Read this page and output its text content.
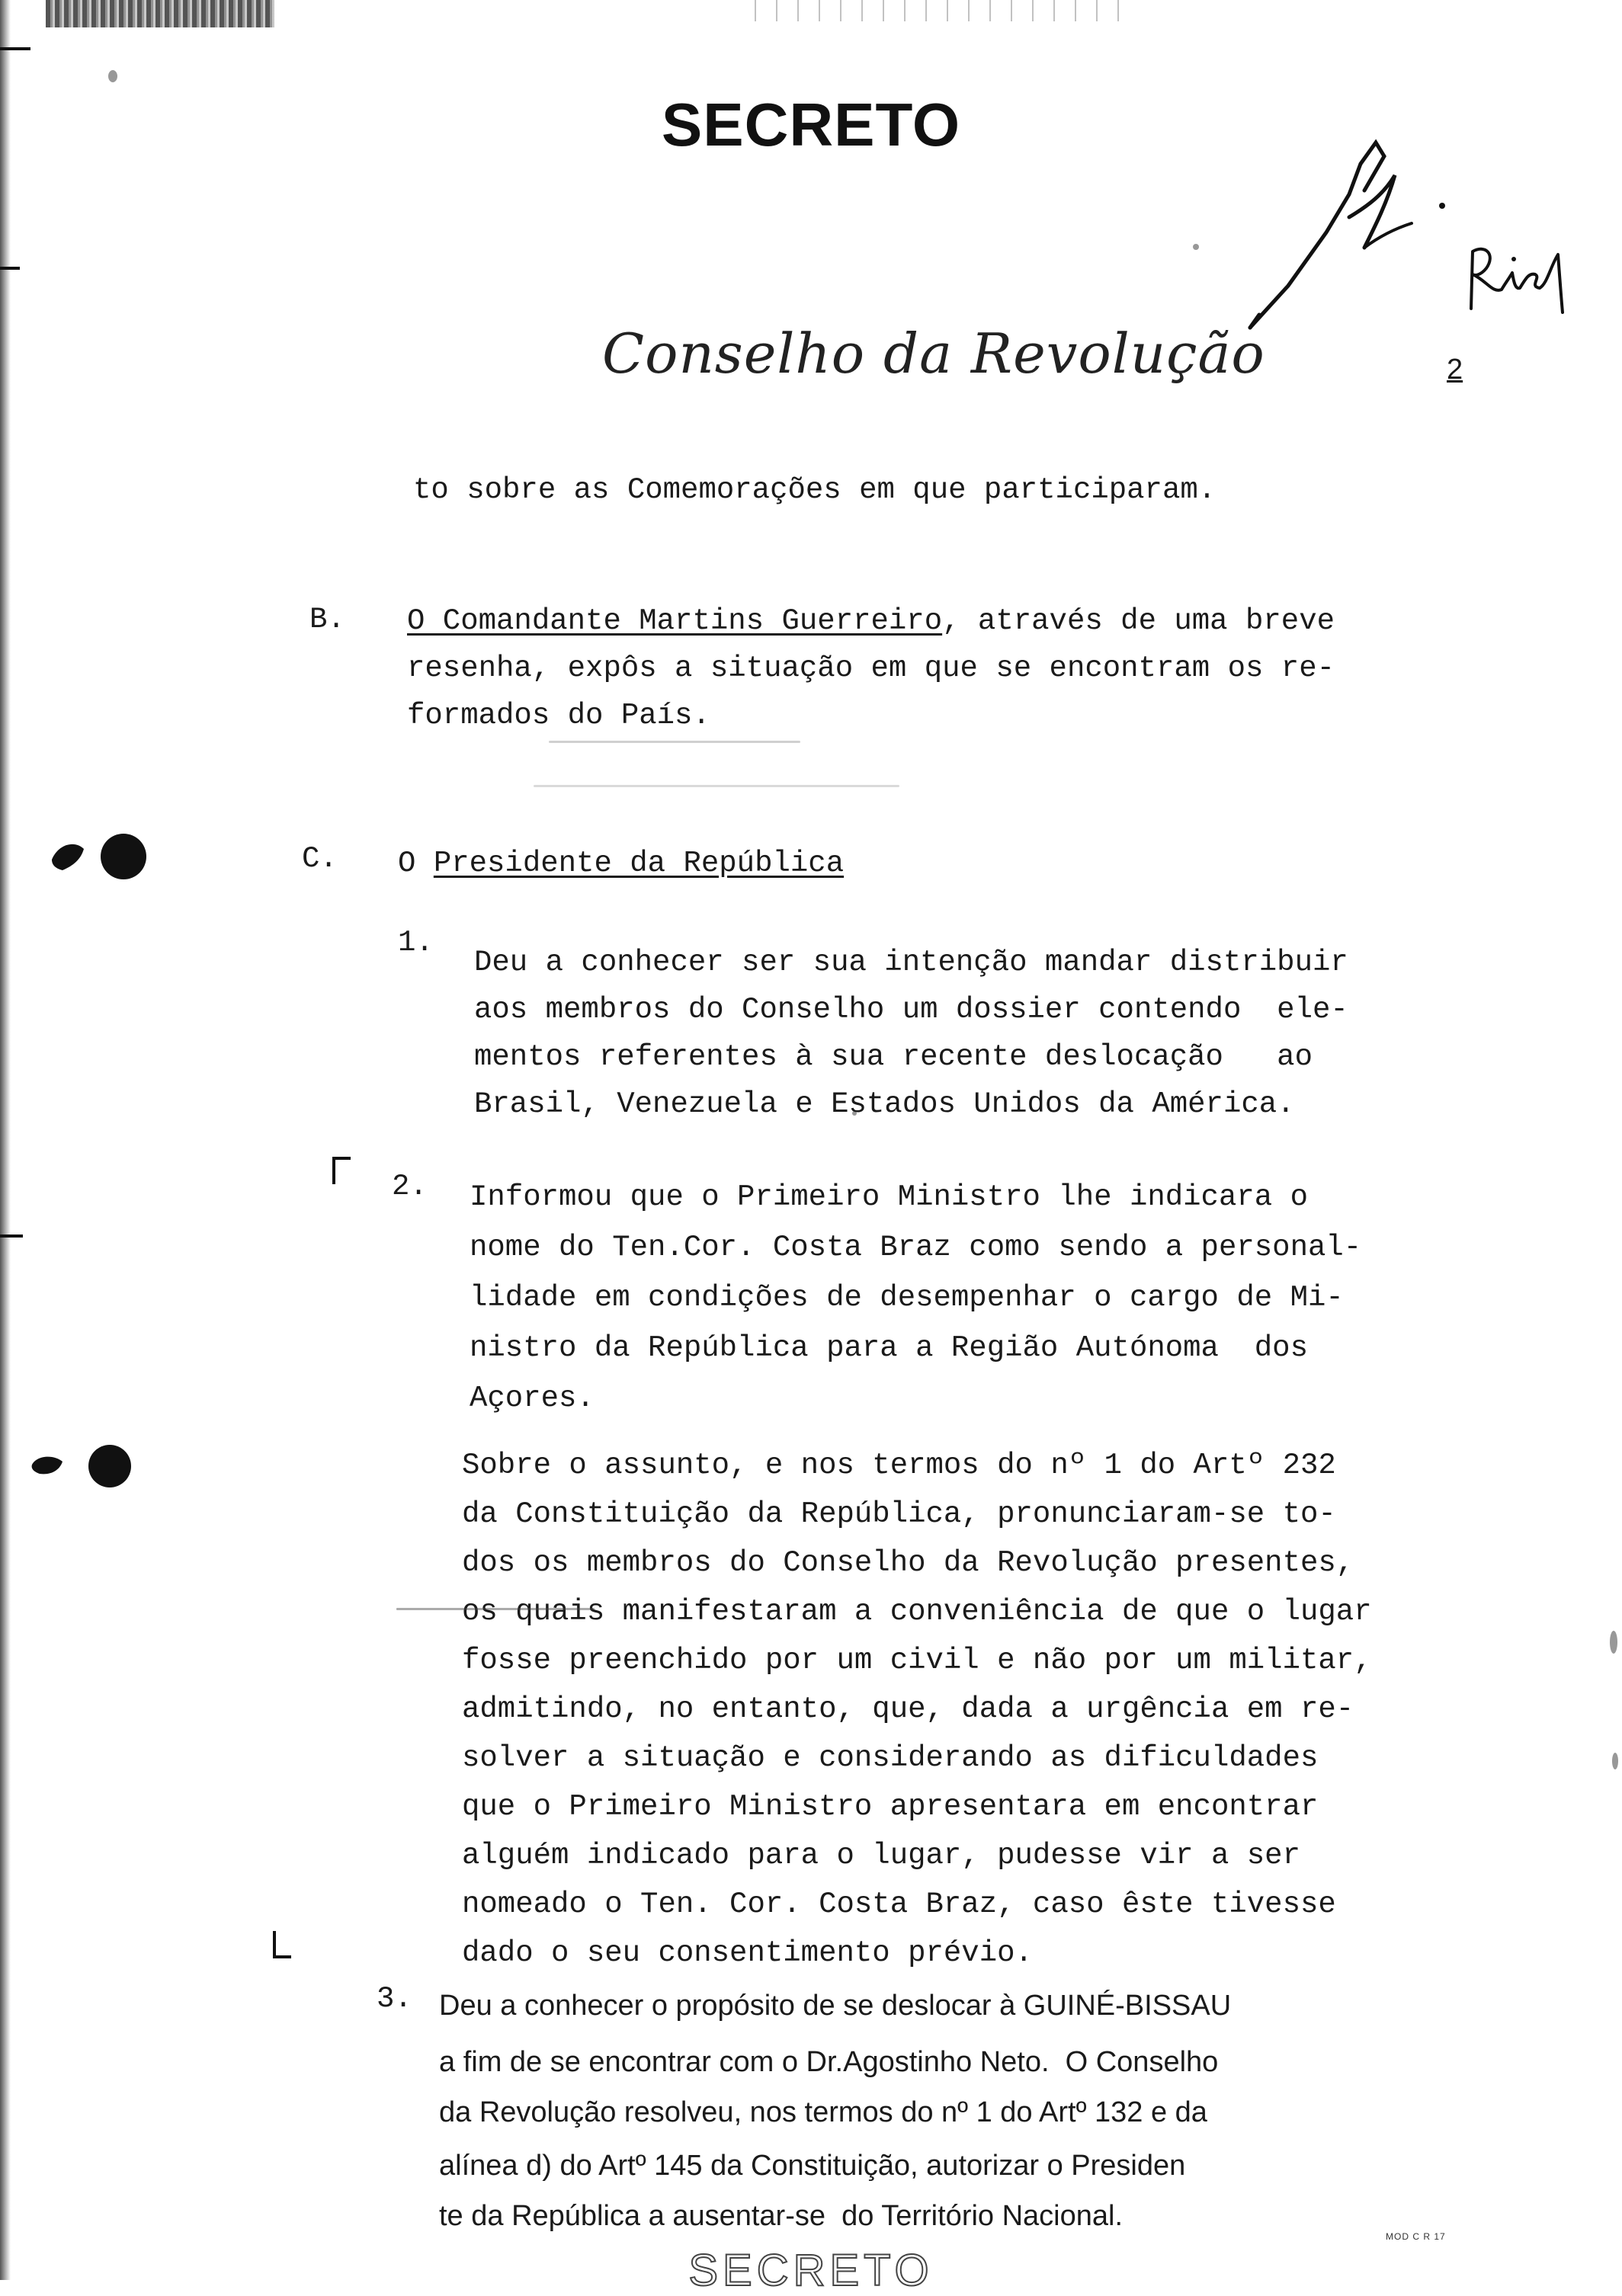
SECRETO
Conselho da Revolução	2
to sobre as Comemorações em que participaram.
B. O Comandante Martins Guerreiro, através de uma breve
resenha, expôs a situação em que se encontram os re-
formados do País.
C. O Presidente da República
1.
Deu a conhecer ser sua intenção mandar distribuir
aos membros do Conselho um dossier contendo  ele-
mentos referentes à sua recente deslocação   ao
Brasil, Venezuela e Estados Unidos da América.
2. Informou que o Primeiro Ministro lhe indicara o
nome do Ten.Cor. Costa Braz como sendo a personal-
lidade em condições de desempenhar o cargo de Mi-
nistro da República para a Região Autónoma  dos
Açores.
Sobre o assunto, e nos termos do nº 1 do Artº 232
da Constituição da República, pronunciaram-se to-
dos os membros do Conselho da Revolução presentes,
os quais manifestaram a conveniência de que o lugar
fosse preenchido por um civil e não por um militar,
admitindo, no entanto, que, dada a urgência em re-
solver a situação e considerando as dificuldades
que o Primeiro Ministro apresentara em encontrar
alguém indicado para o lugar, pudesse vir a ser
nomeado o Ten. Cor. Costa Braz, caso êste tivesse
dado o seu consentimento prévio.
3. Deu a conhecer o propósito de se deslocar à GUINÉ-BISSAU
a fim de se encontrar com o Dr.Agostinho Neto.  O Conselho
da Revolução resolveu, nos termos do nº 1 do Artº 132 e da
alínea d) do Artº 145 da Constituição, autorizar o Presiden
te da República a ausentar-se  do Território Nacional.
MOD C R 17
SECRETO
